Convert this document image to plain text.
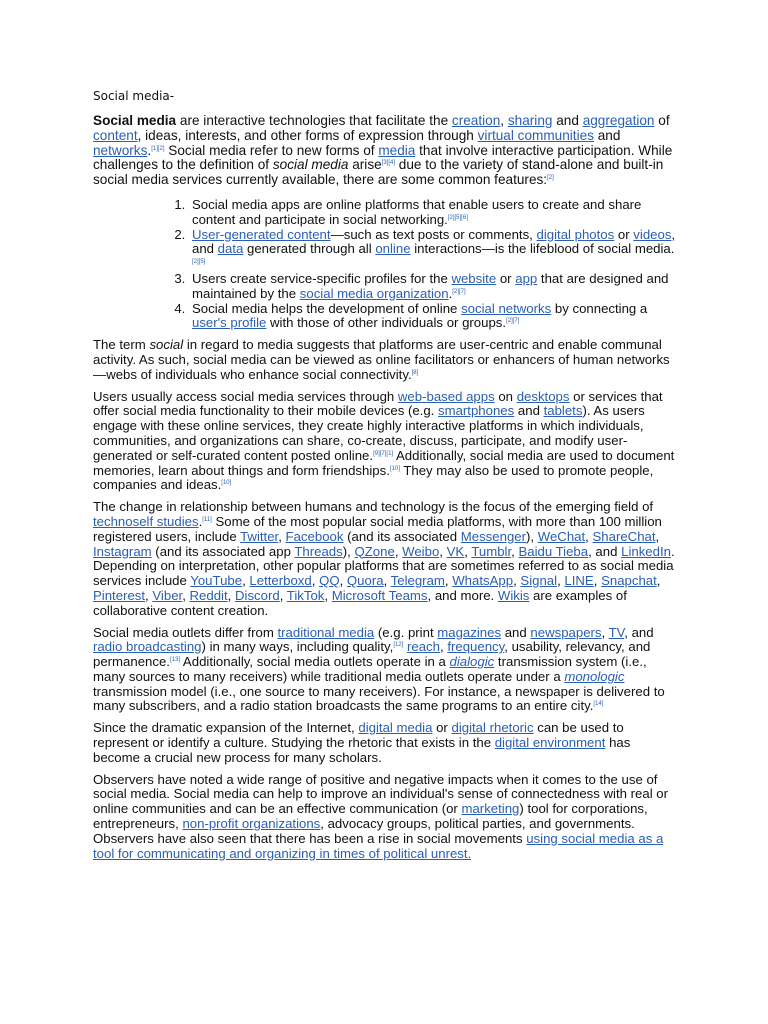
Social media-

Social media are interactive technologies that facilitate the creation, sharing and aggregation of content, ideas, interests, and other forms of expression through virtual communities and networks.[1][2] Social media refer to new forms of media that involve interactive participation. While challenges to the definition of social media arise[3][4] due to the variety of stand-alone and built-in social media services currently available, there are some common features:[2]

1. Social media apps are online platforms that enable users to create and share content and participate in social networking.[2][5][6]
2. User-generated content—such as text posts or comments, digital photos or videos, and data generated through all online interactions—is the lifeblood of social media.[2][5]
3. Users create service-specific profiles for the website or app that are designed and maintained by the social media organization.[2][7]
4. Social media helps the development of online social networks by connecting a user's profile with those of other individuals or groups.[2][7]

The term social in regard to media suggests that platforms are user-centric and enable communal activity. As such, social media can be viewed as online facilitators or enhancers of human networks—webs of individuals who enhance social connectivity.[8]

Users usually access social media services through web-based apps on desktops or services that offer social media functionality to their mobile devices (e.g. smartphones and tablets). As users engage with these online services, they create highly interactive platforms in which individuals, communities, and organizations can share, co-create, discuss, participate, and modify user-generated or self-curated content posted online.[9][7][1] Additionally, social media are used to document memories, learn about things and form friendships.[10] They may also be used to promote people, companies and ideas.[10]

The change in relationship between humans and technology is the focus of the emerging field of technoself studies.[11] Some of the most popular social media platforms, with more than 100 million registered users, include Twitter, Facebook (and its associated Messenger), WeChat, ShareChat, Instagram (and its associated app Threads), QZone, Weibo, VK, Tumblr, Baidu Tieba, and LinkedIn. Depending on interpretation, other popular platforms that are sometimes referred to as social media services include YouTube, Letterboxd, QQ, Quora, Telegram, WhatsApp, Signal, LINE, Snapchat, Pinterest, Viber, Reddit, Discord, TikTok, Microsoft Teams, and more. Wikis are examples of collaborative content creation.

Social media outlets differ from traditional media (e.g. print magazines and newspapers, TV, and radio broadcasting) in many ways, including quality,[12] reach, frequency, usability, relevancy, and permanence.[13] Additionally, social media outlets operate in a dialogic transmission system (i.e., many sources to many receivers) while traditional media outlets operate under a monologic transmission model (i.e., one source to many receivers). For instance, a newspaper is delivered to many subscribers, and a radio station broadcasts the same programs to an entire city.[14]

Since the dramatic expansion of the Internet, digital media or digital rhetoric can be used to represent or identify a culture. Studying the rhetoric that exists in the digital environment has become a crucial new process for many scholars.

Observers have noted a wide range of positive and negative impacts when it comes to the use of social media. Social media can help to improve an individual's sense of connectedness with real or online communities and can be an effective communication (or marketing) tool for corporations, entrepreneurs, non-profit organizations, advocacy groups, political parties, and governments. Observers have also seen that there has been a rise in social movements using social media as a tool for communicating and organizing in times of political unrest.
